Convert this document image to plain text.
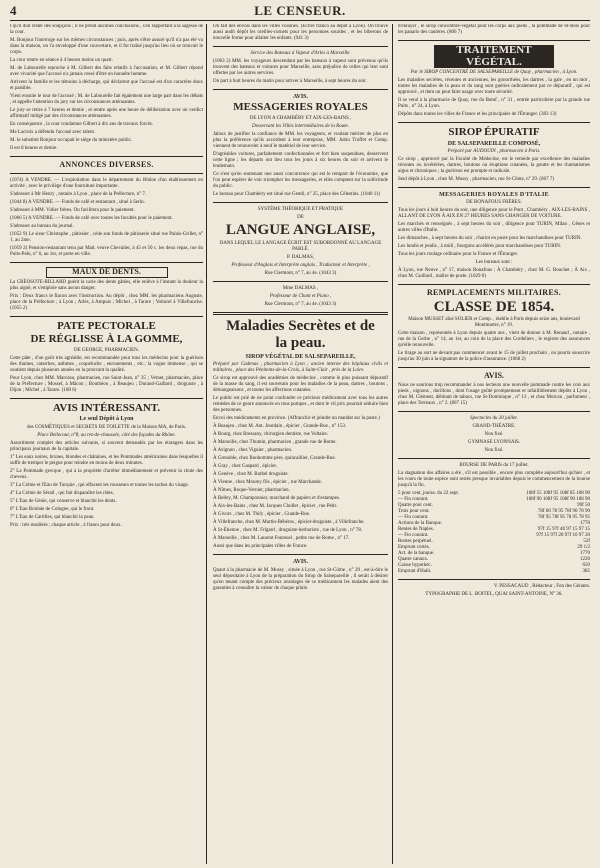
4	LE CENSEUR.

t qu'il doit rester des soupçons ; il ne prend aucunes conclusions , s'en rapportant à la sagesse de la cour.

M. Bonjour l'interroge sur les mêmes circonstances ; puis, après s'être assuré qu'il n'a pas été vu dans la maison, on l'a enveloppé d'une couverture, et il fut traîné jusqu'au lieu où se trouvait le corps.

La cour rentre en séance à 4 heures moins un quart.

M. de Labourelle reproche à M. Gilbert des faits relatifs à l'accusation, et M. Gilbert répond avec vivacité que l'accusé n'a jamais cessé d'être un honnête homme.

Arrivent la famille et les témoins à décharge, qui déclarent que l'accusé est d'un caractère doux et paisible.

Vient ensuite le tour de l'accusé ; M. de Labourelle fait également une large part dans les débats , et appelle l'attention du jury sur les circonstances atténuantes.

Le jury se retire à 7 heures et demie , et rentre après une heure de délibération avec un verdict affirmatif mitigé par des circonstances atténuantes.

En conséquence , la cour condamne Gilbert à dix ans de travaux forcés.

Me Lacroix a défendu l'accusé avec talent.

M. le substitut Bonjour occupait le siège du ministère public.

Il est 8 heures et demie.

ANNONCES DIVERSES.

(1074) A VENDRE. — L'exploitation dans le département du Rhône d'un établissement en activité , avec le privilège d'une fourniture importante.

S'adresser à Mr Henry , notaire à Lyon , place de la Préfecture, n° 7.

(1044 8) A VENDRE. — Fonds de café et restaurant , situé à Serin.

S'adresser à MM. Vidier frères. On facilitera pour le paiement.

(1066 5) A VENDRE. — Fonds de café avec toutes les facultés pour le paiement.

S'adresser au bureau du journal.

(1052 9) Le sieur Christophe , pâtissier , cède son fonds de pâtisserie situé rue Palais-Grillet, n° 1, au 2me.

(1059 2) Pension-restaurant tenu par Mad. veuve Chevalier, à 45 et 50 c. les deux repas, rue du Puits-Pelu, n° 6, au 1er, et porte en ville.

MAUX DE DENTS.

La CRÉOSOTE-BILLARD guérit la carie des dents gâtées, elle enlève à l'instant la douleur la plus aiguë, et s'emploie sans aucun danger.

Prix : Deux francs le flacon avec l'instruction. Au dépôt , chez MM. les pharmaciens Auguste, place de la Préfecture ; à Lyon ; Arlès, à Ampuis ; Michel , à Tarare ; Voiturel à Villefranche. (1055 2)

PATE PECTORALE
DE RÉGLISSE À LA GOMME,

DE GEORGE, PHARMACIEN.

Cette pâte , d'un goût très agréable, est recommandée pour tous les médecins pour la guérison des rhumes, catarrhes, asthmes , coqueluche , enrouements , etc.; la vogue immense , qui se soutient depuis plusieurs années en la prouvant la qualité.

Pour Lyon, chez MM. Marceau, pharmacien, rue Saint-Jean, n° 35 ; Vernet, pharmacien, place de la Préfecture ; Mossel, à Mâcon ; Bouthéon , à Beaujeu ; Durand-Gaillard , droguiste , à Dijon ; Michel , à Tarare. (108 6)

AVIS INTÉRESSANT.
Le seul Dépôt à Lyon

des COSMÉTIQUES et SECRETS DE TOILETTE de la Maison MA, de Paris.

Place Bellecour, n°8, au rez-de-chaussée, côté des façades du Rhône.

Assortiment complet des articles suivants, si souvent demandés par les étrangers dans les principaux journaux de la capitale.

1° Les eaux noires, brunes, blondes et châtaines, et les Pommades américaines dans lesquelles il suffit de tremper le peigne pour teindre en moins de deux minutes.

2° La Pommade grecque , qui a la propriété d'arrêter immédiatement et prévenir la chute des cheveux.

3° La Crème et l'Eau de Turquie , qui effacent les rousseurs et toutes les taches du visage.

4° La Crème de Sérail , qui fait disparaître les rides.

5° L'Eau de Génie, qui conserve et blanchit les dents.

6° L'Eau Boréale de Cologne, qui le front.

7° L'Eau de Cartilles, qui blanchit la peau.

Prix : très modérés ; chaque article , 4 francs pour deux.

On fait des envois dans les villes voisines. (Écrire franco au dépôt à Lyon). On trouve aussi audit dépôt les oreilles-cornets pour les personnes sourdes , et les biberons de nouvelle forme pour allaiter les enfants. (941 3)

Service des Bateaux à Vapeur d'Arles à Marseille.

(1063 2) MM. les voyageurs descendant par les bateaux à vapeur sont prévenus qu'ils trouvent des bateaux et voitures pour Marseille, sans préjudice de celles qui leur sont offertes par les autres services.

On part à huit heures du matin pour arriver à Marseille, à sept heures du soir.

AVIS.
MESSAGERIES ROYALES

DE LYON A CHAMBÉRY ET AIX-LES-BAINS ,

Desservant les Villes intermédiaires de la Route.

Jaloux de justifier la confiance de MM. les voyageurs, et voulant mériter de plus en plus la préférence qu'ils accordent à leur entreprise, MM. Jubin Truffet et Comp. viennent de renouveler à neuf le matériel de leur service.

D'agréables voitures, parfaitement confectionnées et fort bien suspendues, desservent cette ligne ; les départs ont lieu tous les jours à six heures du soir et arrivent le lendemain.

Ce n'est qu'en soutenant une aussi concurrence qui est le rempart de l'économie, que l'on peut espérer de voir triompher les messageries, et elles comptent sur la sollicitude du public.

Le bureau pour Chambéry est situé rue Gentil, n° 25, place des Célestins. (1040 11)

SYSTÈME THÉORIQUE ET PRATIQUE

DE

LANGUE ANGLAISE,

DANS LEQUEL LE LANGAGE ÉCRIT EST SUBORDONNÉ AU LANGAGE PARLÉ.

P. DALMAS,

Professeur d'Anglais et Interprète anglais , Traducteur et Interprète ,

Rue Clermont, n° 7, au 4e. (1043 3)

Mme DALMAS ,

Professeur de Chant et Piano ,

Rue Clermont, n° 7, au 4e. (1043 3)

Maladies Secrètes et de
la peau.
SIROP VÉGÉTAL DE SALSEPAREILLE,

Préparé par Cadenas , pharmacien à Lyon ; ancien interne des hôpitaux civils et militaires , place des Pénitents-de-la-Croix, à Saint-Clair , près de la Loire.

Ce sirop est approuvé des académies de médecine , comme le plus puissant dépuratif de la masse du sang, il est souverain pour les maladies de la peau, dartres , boutons , démangeaisons , et toutes les affections cutanées.

Le public est prié de ne point confondre ce précieux médicament avec tous les autres remèdes de ce genre annoncés en tous pompes , et dont le vil prix pourrait séduire bien des personnes.

Envoi des médicaments en province. (Affranchir et joindre un mandat sur la poste.)

À Beaujeu , chez M. Ant. Jourdain , épicier , Grande-Rue , n° 153.

À Bourg, chez Bressany, chirurgien dentiste, rue Voltaire.

À Marseille, chez Thumin, pharmacien , grande rue de Rome.

À Avignon , chez Viguier , pharmacien.

À Grenoble, chez Bonhomme père, quincaillier, Grande-Rue.

À Gray , chez Gaspard , épicier.

À Genève , chez M. Barbel droguiste.

À Vienne , chez Mourey fils , épicier , rue Marchande.

À Nîmes, Roque-Vernier, pharmacien.

À Belley, M. Champonnier, marchand de papiers et d'estampes.

À Aix-les-Bains , chez M. Jacques Chollet , épicier , rue Pétit.

À Givors , chez M. Thily , épicier , Grande-Rue.

À Villefranche, chez M. Martin-Bébéros , épicier-droguiste , à Villefranche.

À St-Étienne , chez M. Frigard , droguiste-herboriste , rue de Lyon , n° 78.

À Marseille , chez M. Laurent Fouteuel , petite rue de Rome , n° 17.

Aussi que dans les principales villes de France.

AVIS.

Quant à la pharmacie de M. Mussy , située à Lyon , rue St-Côme , n° 29 , est-à-dire le seul dépositaire à Lyon de la préparation du Sirop de Salsepareille , il serait à désirer qu'en tenant compte des précieux avantages de ce médicament les malades aient des garanties à connaître la valeur de chaque pilule.

d'enrayer , le sirop concombre-végétal pour les corps aux pieds , la pommade de St-Bois pour les panaris des cautères. (806 7)

TRAITEMENT
VÉGÉTAL.

Par le SIROP CONCENTRÉ DE SALSEPAREILLE de Quay , pharmacien , à Lyon.

Les maladies secrètes, récentes et anciennes, les gonorrhées, les dartres , la gale , en un mot , toutes les maladies de la peau et du sang sont guéries radicalement par ce dépuratif , qui est approuvé , et dont on peut faire usage avec toute sécurité.

Il se vend à la pharmacie de Quay, rue du Bœuf , n° 31 , entrée particulière par la grande rue Puits , n° 24, à Lyon.

Dépôts dans toutes les villes de France et les principales de l'Étranger. (383 13)

SIROP ÉPURATIF
DE SALSEPAREILLE COMPOSÉ,

Préparé par AUDOUIN , pharmacien à Paris.

Ce sirop , approuvé par la Faculté de Médecine, est le remède par excellence des maladies récentes ou invétérées, dartres, boutons ou éruptions cutanées, la goutte et les rhumatismes aigus et chroniques ; la guérison est prompte et radicale.

Seul dépôt à Lyon , chez M. Mussy , pharmacien, rue St-Côme, n° 29. (867 7)

MESSAGERIES ROYALES D'ITALIE

DE BONAFOUS FRÈRES.

Tous les jours à huit heures du soir, une diligence pour le Pont , Chambéry , AIX-LES-BAINS , ALLANT DE LYON À AIX EN 27 HEURES SANS CHANGER DE VOITURE.

Les marchés et renseignés , à sept heures du soir , diligence pour TURIN, Milan , Gênes et autres villes d'Italie.

Les dimanches , à sept heures du soir , chariot en poste pour les marchandises pour TURIN.

Les lundis et jeudis , à midi , fourgons accélérés pour marchandises pour TURIN.

Tous les jours roulage ordinaire pour la France et l'Étranger.

Les bureaux sont :

À Lyon, rue Neuve , n° 17, maison Bonafous ; À Chambéry , chez M. G. Bouchet ; À Aix , chez M. Guillard , maître de poste. (1029 0)

REMPLACEMENTS MILITAIRES.
CLASSE DE 1854.

Maison MUSSET aîné SOLIER et Comp. , établie à Paris depuis seize ans, boulevard Montmartre, n° 19.

Cette maison , représentée à Lyon depuis quatre ans , vient de donner à M. Renaud , notaire , rue de la Gerbe , n° 14, au 1er, au coin de la place des Cordeliers , le registre des assurances qu'elle renouvelle.

Le tirage au sort ne devant pas commencer avant le 15 de juillet prochain , on pourra souscrire jusqu'au 30 juin à la signature de la police d'assurance. (1068 2)

AVIS.

Nous ne saurions trop recommander à nos lecteurs une nouvelle pommade contre les cors aux pieds , oignons , durillons , dont l'usage goûté promptement et infailliblement dépôts à Lyon , chez M. Clément, débitant de tabacs, rue St-Dominique , n° 13 , et chez Morcau , parfumeur , place des Terreaux , n° 2. (807 15)

Spectacles du 20 juillet.

GRAND-THÉATRE.

Non fixé.

GYMNASE LYONNAIS.

Non fixé.

BOURSE DE PARIS du 17 juillet.

La stagnation des affaires a été , s'il est possible , encore plus complète aujourd'hui qu'hier , et les cours de toute espèce sont restés presque invariables depuis le commencement de la bourse jusqu'à la fin.

5 pour cent, jouiss. du 22 sept.	108f 55 108f 95 108f 85 108 90
— Fin courant.	108f 90 108f 95 108f 90 108 90
Quatre pour cent.	99f 50
Trois pour cent.	78f 80 78 95 78f 90 78 90
— Fin courant.	78f 95 78f 95 78 95 78 95
Actions de la Banque.	1770
Rentes de Naples.	97f 15 97f 40 97 15 97 15
— Fin courant.	97f 15 97f 20 97f 10 97 20
Rentes perpétuel.	52f
Emprunt cortès.	29 1/2
Act. de la banque.	1770
Quatre canaux.	1220
Caisse hypothéc.	650
Emprunt d'Haïti.	385

V. PESSACAUD , Rédacteur , Fon des Gérants.

TYPOGRAPHIE DE L. BOITEL, QUAI SAINT-ANTOINE, N° 36.
